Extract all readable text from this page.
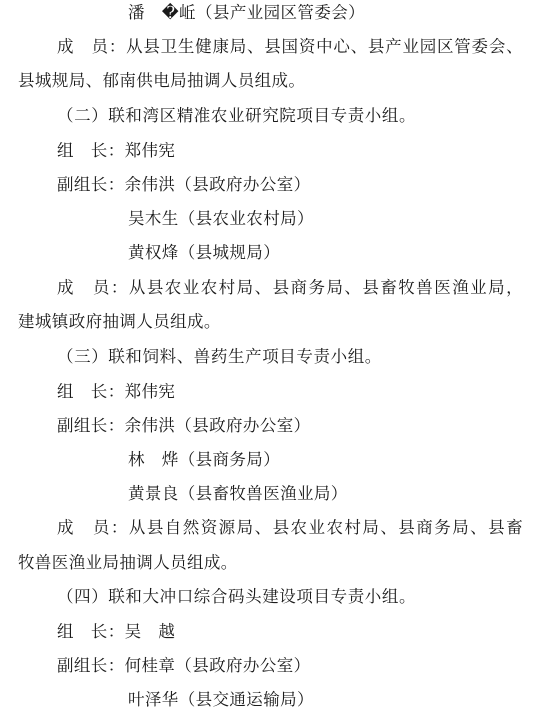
潘　�岴（县产业园区管委会）
成　员：从县卫生健康局、县国资中心、县产业园区管委会、
县城规局、郁南供电局抽调人员组成。
（二）联和湾区精准农业研究院项目专责小组。
组　长：郑伟宪
副组长：余伟洪（县政府办公室）
吴木生（县农业农村局）
黄权烽（县城规局）
成　员：从县农业农村局、县商务局、县畜牧兽医渔业局，
建城镇政府抽调人员组成。
（三）联和饲料、兽药生产项目专责小组。
组　长：郑伟宪
副组长：余伟洪（县政府办公室）
林　烨（县商务局）
黄景良（县畜牧兽医渔业局）
成　员：从县自然资源局、县农业农村局、县商务局、县畜
牧兽医渔业局抽调人员组成。
（四）联和大冲口综合码头建设项目专责小组。
组　长：吴　越
副组长：何桂章（县政府办公室）
叶泽华（县交通运输局）
